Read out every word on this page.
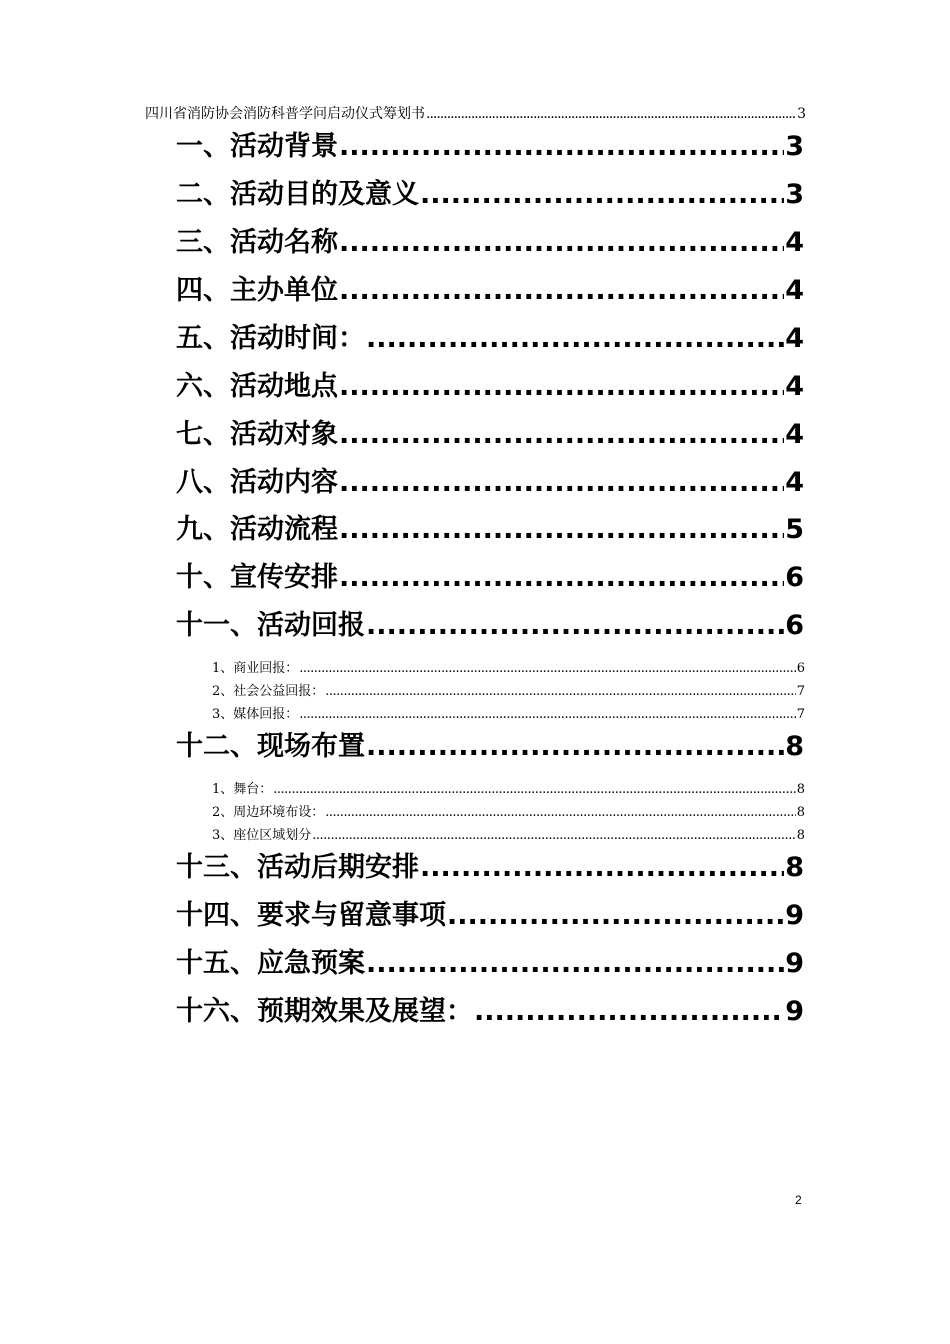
四川省消防协会消防科普学问启动仪式筹划书 .....	3
一、活动背景 .....	3
二、活动目的及意义 .....	3
三、活动名称 .....	4
四、主办单位 .....	4
五、活动时间： .....	4
六、活动地点 .....	4
七、活动对象 .....	4
八、活动内容 .....	4
九、活动流程 .....	5
十、宣传安排 .....	6
十一、活动回报 .....	6
1、商业回报： .....	6
2、社会公益回报： .....	7
3、媒体回报： .....	7
十二、现场布置 .....	8
1、舞台： .....	8
2、周边环境布设： .....	8
3、座位区域划分 .....	8
十三、活动后期安排 .....	8
十四、要求与留意事项 .....	9
十五、应急预案 .....	9
十六、预期效果及展望： .....	9
2
